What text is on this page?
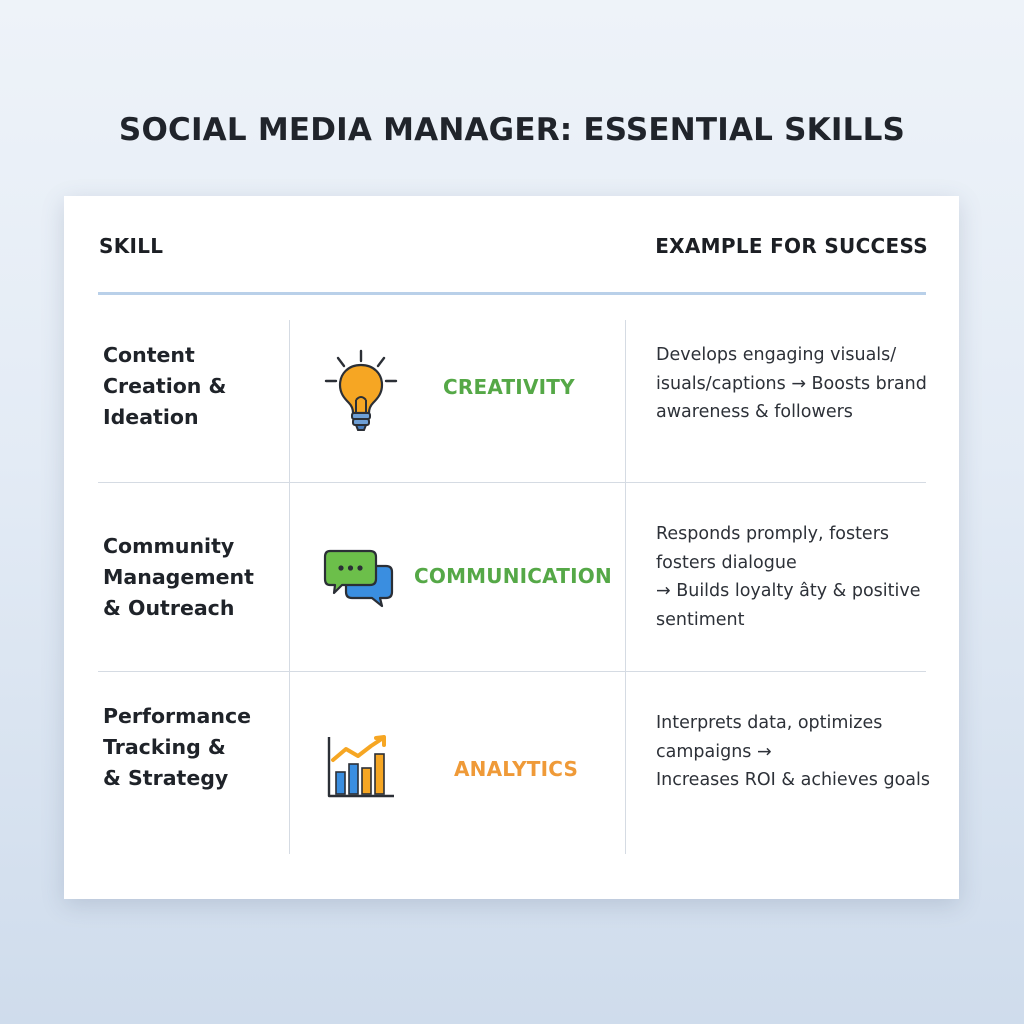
SOCIAL MEDIA MANAGER: ESSENTIAL SKILLS
SKILL	EXAMPLE FOR SUCCESS
Content
Creation &
Ideation
CREATIVITY
Develops engaging visuals/
isuals/captions → Boosts brand
awareness & followers
Community
Management
& Outreach
COMMUNICATION
Responds promply, fosters
fosters dialogue
→ Builds loyalty âty & positive
sentiment
Performance
Tracking &
& Strategy	ANALYTICS
Interprets data, optimizes
campaigns →
Increases ROI & achieves goals
